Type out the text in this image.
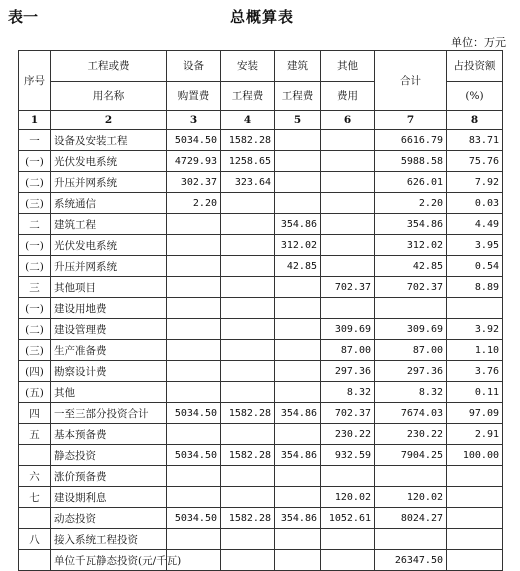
表一	总概算表
单位：万元
序号	工程或费	设备	安装	建筑	其他	合计	占投资额
	用名称	购置费	工程费	工程费	费用		(%)
1	2	3	4	5	6	7	8
一	设备及安装工程	5034.50	1582.28			6616.79	83.71
(一)	光伏发电系统	4729.93	1258.65			5988.58	75.76
(二)	升压并网系统	302.37	323.64			626.01	7.92
(三)	系统通信	2.20				2.20	0.03
二	建筑工程			354.86		354.86	4.49
(一)	光伏发电系统			312.02		312.02	3.95
(二)	升压并网系统			42.85		42.85	0.54
三	其他项目				702.37	702.37	8.89
(一)	建设用地费						
(二)	建设管理费				309.69	309.69	3.92
(三)	生产准备费				87.00	87.00	1.10
(四)	勘察设计费				297.36	297.36	3.76
(五)	其他				8.32	8.32	0.11
四	一至三部分投资合计	5034.50	1582.28	354.86	702.37	7674.03	97.09
五	基本预备费				230.22	230.22	2.91
	静态投资	5034.50	1582.28	354.86	932.59	7904.25	100.00
六	涨价预备费						
七	建设期利息				120.02	120.02	
	动态投资	5034.50	1582.28	354.86	1052.61	8024.27	
八	接入系统工程投资						
	单位千瓦静态投资(元/千瓦)					26347.50	
